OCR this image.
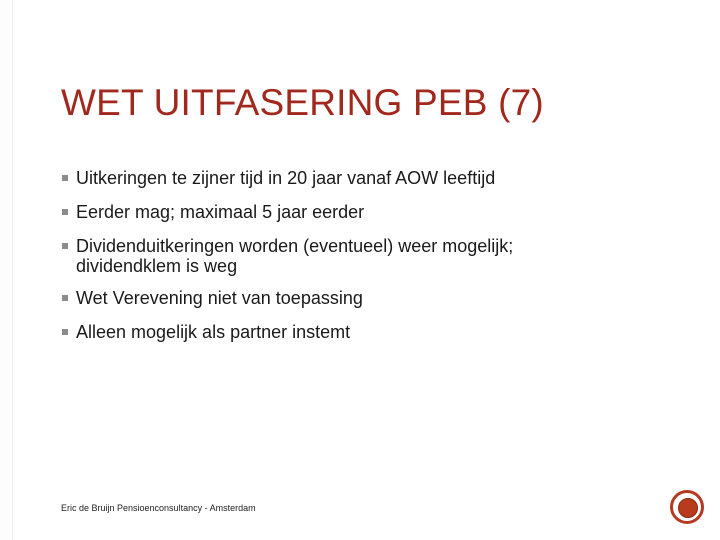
WET UITFASERING PEB (7)
Uitkeringen te zijner tijd in 20 jaar vanaf AOW leeftijd
Eerder mag; maximaal 5 jaar eerder
Dividenduitkeringen worden (eventueel) weer mogelijk; dividendklem is weg
Wet Verevening niet van toepassing
Alleen mogelijk als partner instemt
Eric de Bruijn Pensioenconsultancy - Amsterdam
